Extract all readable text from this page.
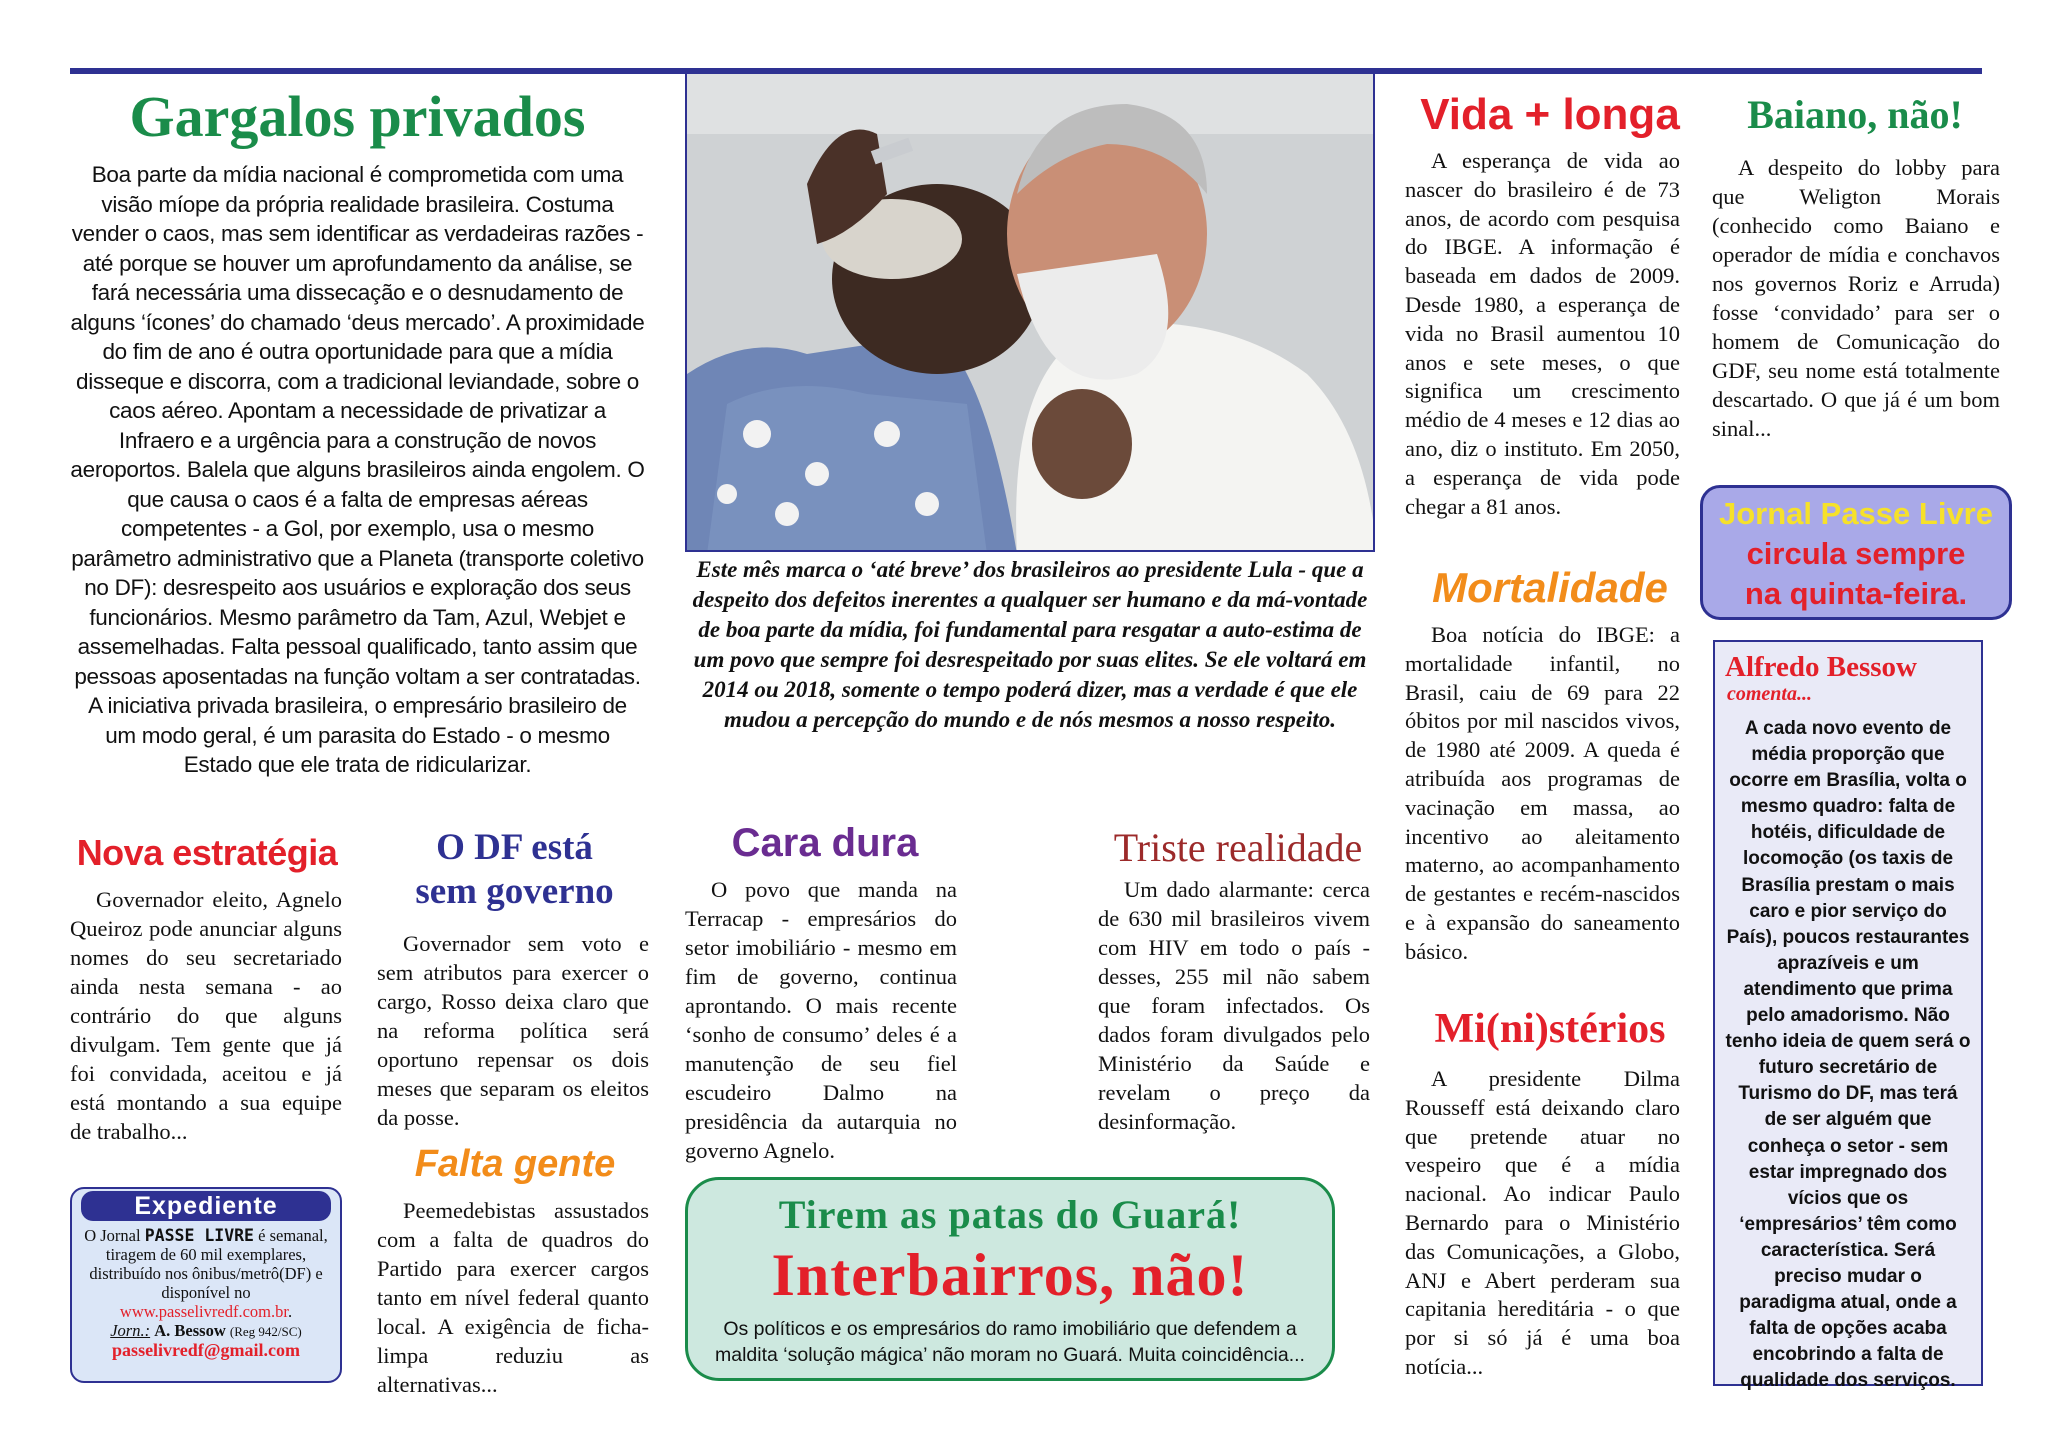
Gargalos privados
Boa parte da mídia nacional é comprometida com uma visão míope da própria realidade brasileira. Costuma vender o caos, mas sem identificar as verdadeiras razões - até porque se houver um aprofundamento da análise, se fará necessária uma dissecação e o desnudamento de alguns ‘ícones’ do chamado ‘deus mercado’. A proximidade do fim de ano é outra oportunidade para que a mídia disseque e discorra, com a tradicional leviandade, sobre o caos aéreo. Apontam a necessidade de privatizar a Infraero e a urgência para a construção de novos aeroportos. Balela que alguns brasileiros ainda engolem. O que causa o caos é a falta de empresas aéreas competentes - a Gol, por exemplo, usa o mesmo parâmetro administrativo que a Planeta (transporte coletivo no DF): desrespeito aos usuários e exploração dos seus funcionários. Mesmo parâmetro da Tam, Azul, Webjet e assemelhadas. Falta pessoal qualificado, tanto assim que pessoas aposentadas na função voltam a ser contratadas. A iniciativa privada brasileira, o empresário brasileiro de um modo geral, é um parasita do Estado - o mesmo Estado que ele trata de ridicularizar.
Este mês marca o ‘até breve’ dos brasileiros ao presidente Lula - que a despeito dos defeitos inerentes a qualquer ser humano e da má-vontade de boa parte da mídia, foi fundamental para resgatar a auto-estima de um povo que sempre foi desrespeitado por suas elites. Se ele voltará em 2014 ou 2018, somente o tempo poderá dizer, mas a verdade é que ele mudou a percepção do mundo e de nós mesmos a nosso respeito.
Vida + longa
A esperança de vida ao nascer do brasileiro é de 73 anos, de acordo com pesquisa do IBGE. A informação é baseada em dados de 2009. Desde 1980, a esperança de vida no Brasil aumentou 10 anos e sete meses, o que significa um crescimento médio de 4 meses e 12 dias ao ano, diz o instituto. Em 2050, a esperança de vida pode chegar a 81 anos.
Mortalidade
Boa notícia do IBGE: a mortalidade infantil, no Brasil, caiu de 69 para 22 óbitos por mil nascidos vivos, de 1980 até 2009. A queda é atribuída aos programas de vacinação em massa, ao incentivo ao aleitamento materno, ao acompanhamento de gestantes e recém-nascidos e à expansão do saneamento básico.
Mi(ni)stérios
A presidente Dilma Rousseff está deixando claro que pretende atuar no vespeiro que é a mídia nacional. Ao indicar Paulo Bernardo para o Ministério das Comunicações, a Globo, ANJ e Abert perderam sua capitania hereditária - o que por si só já é uma boa notícia...
Baiano, não!
A despeito do lobby para que Weligton Morais (conhecido como Baiano e operador de mídia e conchavos nos governos Roriz e Arruda) fosse ‘convidado’ para ser o homem de Comunicação do GDF, seu nome está totalmente descartado. O que já é um bom sinal...
Jornal Passe Livre
circula sempre
na quinta-feira.
Alfredo Bessow
comenta...
A cada novo evento de média proporção que ocorre em Brasília, volta o mesmo quadro: falta de hotéis, dificuldade de locomoção (os taxis de Brasília prestam o mais caro e pior serviço do País), poucos restaurantes aprazíveis e um atendimento que prima pelo amadorismo. Não tenho ideia de quem será o futuro secretário de Turismo do DF, mas terá de ser alguém que conheça o setor - sem estar impregnado dos vícios que os ‘empresários’ têm como característica. Será preciso mudar o paradigma atual, onde a falta de opções acaba encobrindo a falta de qualidade dos serviços.
Nova estratégia
Governador eleito, Agnelo Queiroz pode anunciar alguns nomes do seu secretariado ainda nesta semana - ao contrário do que alguns divulgam. Tem gente que já foi convidada, aceitou e já está montando a sua equipe de trabalho...
Expediente
O Jornal PASSE LIVRE é semanal, tiragem de 60 mil exemplares, distribuído nos ônibus/metrô(DF) e disponível no www.passelivredf.com.br.
Jorn.: A. Bessow (Reg 942/SC)
passelivredf@gmail.com
O DF está
sem governo
Governador sem voto e sem atributos para exercer o cargo, Rosso deixa claro que na reforma política será oportuno repensar os dois meses que separam os eleitos da posse.
Falta gente
Peemedebistas assustados com a falta de quadros do Partido para exercer cargos tanto em nível federal quanto local. A exigência de ficha-limpa reduziu as alternativas...
Cara dura
O povo que manda na Terracap - empresários do setor imobiliário - mesmo em fim de governo, continua aprontando. O mais recente ‘sonho de consumo’ deles é a manutenção de seu fiel escudeiro Dalmo na presidência da autarquia no governo Agnelo.
Triste realidade
Um dado alarmante: cerca de 630 mil brasileiros vivem com HIV em todo o país - desses, 255 mil não sabem que foram infectados. Os dados foram divulgados pelo Ministério da Saúde e revelam o preço da desinformação.
Tirem as patas do Guará!
Interbairros, não!
Os políticos e os empresários do ramo imobiliário que defendem a maldita ‘solução mágica’ não moram no Guará. Muita coincidência...
